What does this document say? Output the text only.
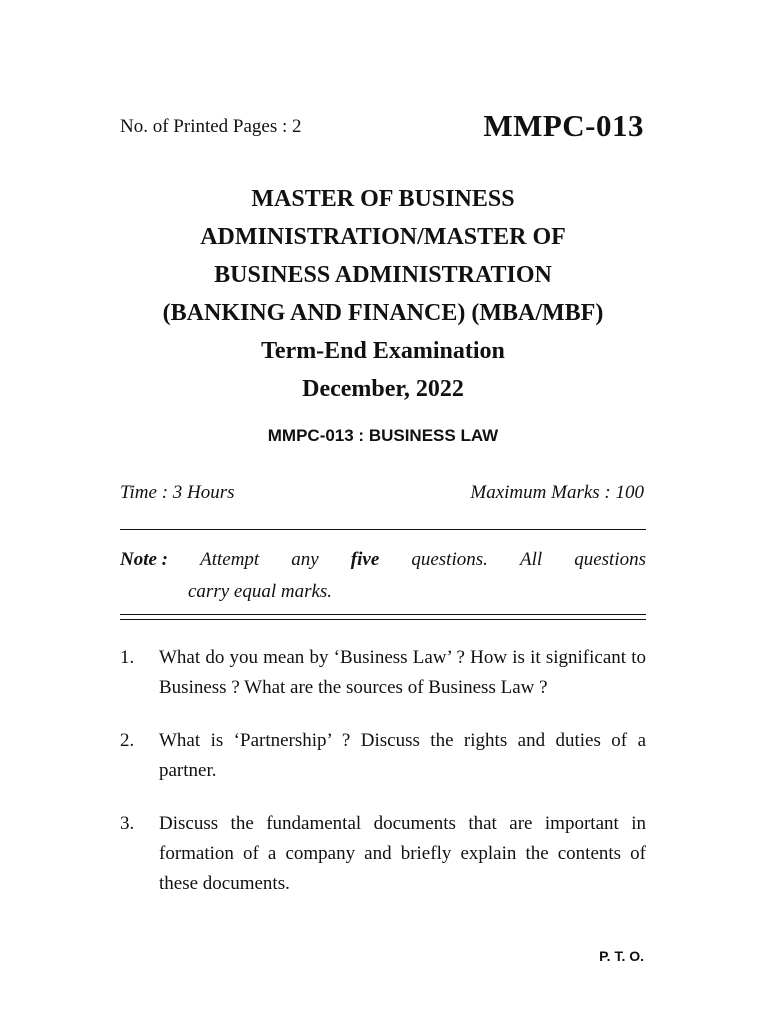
No. of Printed Pages : 2	MMPC-013
MASTER OF BUSINESS
ADMINISTRATION/MASTER OF
BUSINESS ADMINISTRATION
(BANKING AND FINANCE) (MBA/MBF)
Term-End Examination
December, 2022
MMPC-013 : BUSINESS LAW
Time : 3 Hours	Maximum Marks : 100
Note : Attempt any five questions. All questions
carry equal marks.
1. What do you mean by ‘Business Law’ ? How is it significant to Business ? What are the sources of Business Law ?
2. What is ‘Partnership’ ? Discuss the rights and duties of a partner.
3. Discuss the fundamental documents that are important in formation of a company and briefly explain the contents of these documents.
P. T. O.
